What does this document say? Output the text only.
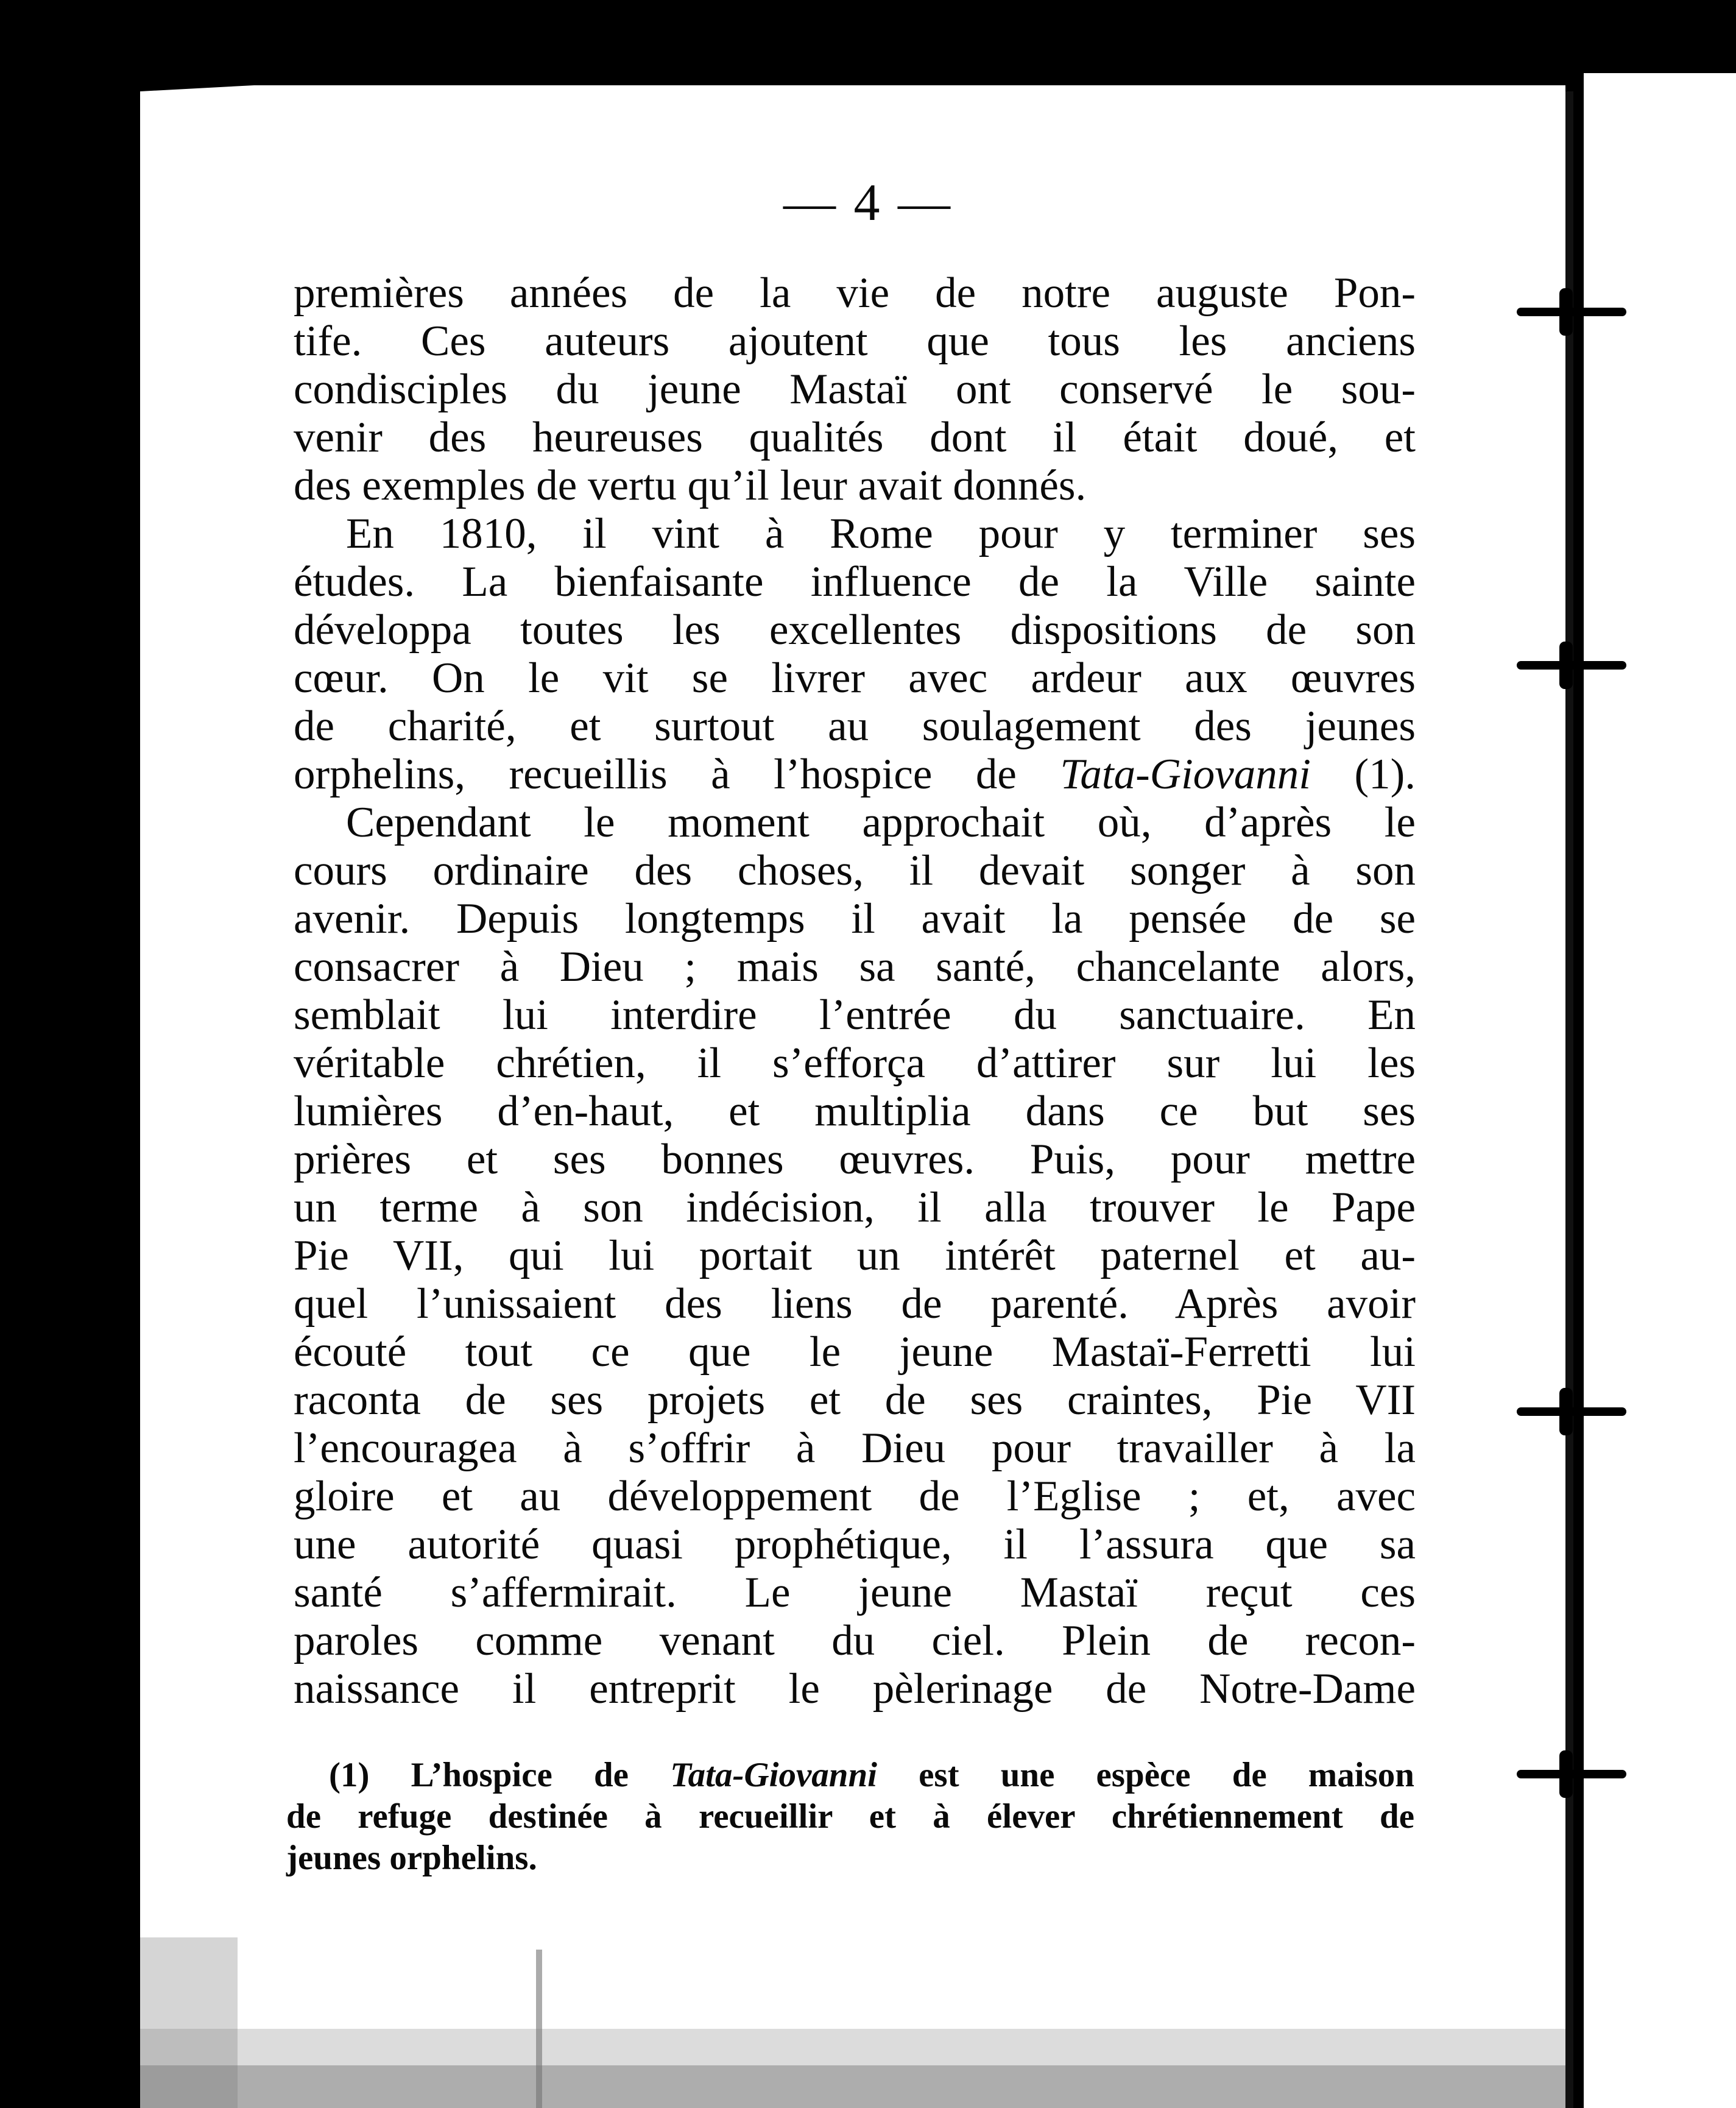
— 4 —
premières années de la vie de notre auguste Pon-
tife. Ces auteurs ajoutent que tous les anciens
condisciples du jeune Mastaï ont conservé le sou-
venir des heureuses qualités dont il était doué, et
des exemples de vertu qu’il leur avait donnés.
En 1810, il vint à Rome pour y terminer ses
études. La bienfaisante influence de la Ville sainte
développa toutes les excellentes dispositions de son
cœur. On le vit se livrer avec ardeur aux œuvres
de charité, et surtout au soulagement des jeunes
orphelins, recueillis à l’hospice de Tata-Giovanni (1).
Cependant le moment approchait où, d’après le
cours ordinaire des choses, il devait songer à son
avenir. Depuis longtemps il avait la pensée de se
consacrer à Dieu ; mais sa santé, chancelante alors,
semblait lui interdire l’entrée du sanctuaire. En
véritable chrétien, il s’efforça d’attirer sur lui les
lumières d’en-haut, et multiplia dans ce but ses
prières et ses bonnes œuvres. Puis, pour mettre
un terme à son indécision, il alla trouver le Pape
Pie VII, qui lui portait un intérêt paternel et au-
quel l’unissaient des liens de parenté. Après avoir
écouté tout ce que le jeune Mastaï-Ferretti lui
raconta de ses projets et de ses craintes, Pie VII
l’encouragea à s’offrir à Dieu pour travailler à la
gloire et au développement de l’Eglise ; et, avec
une autorité quasi prophétique, il l’assura que sa
santé s’affermirait. Le jeune Mastaï reçut ces
paroles comme venant du ciel. Plein de recon-
naissance il entreprit le pèlerinage de Notre-Dame
(1) L’hospice de Tata-Giovanni est une espèce de maison
de refuge destinée à recueillir et à élever chrétiennement de
jeunes orphelins.
